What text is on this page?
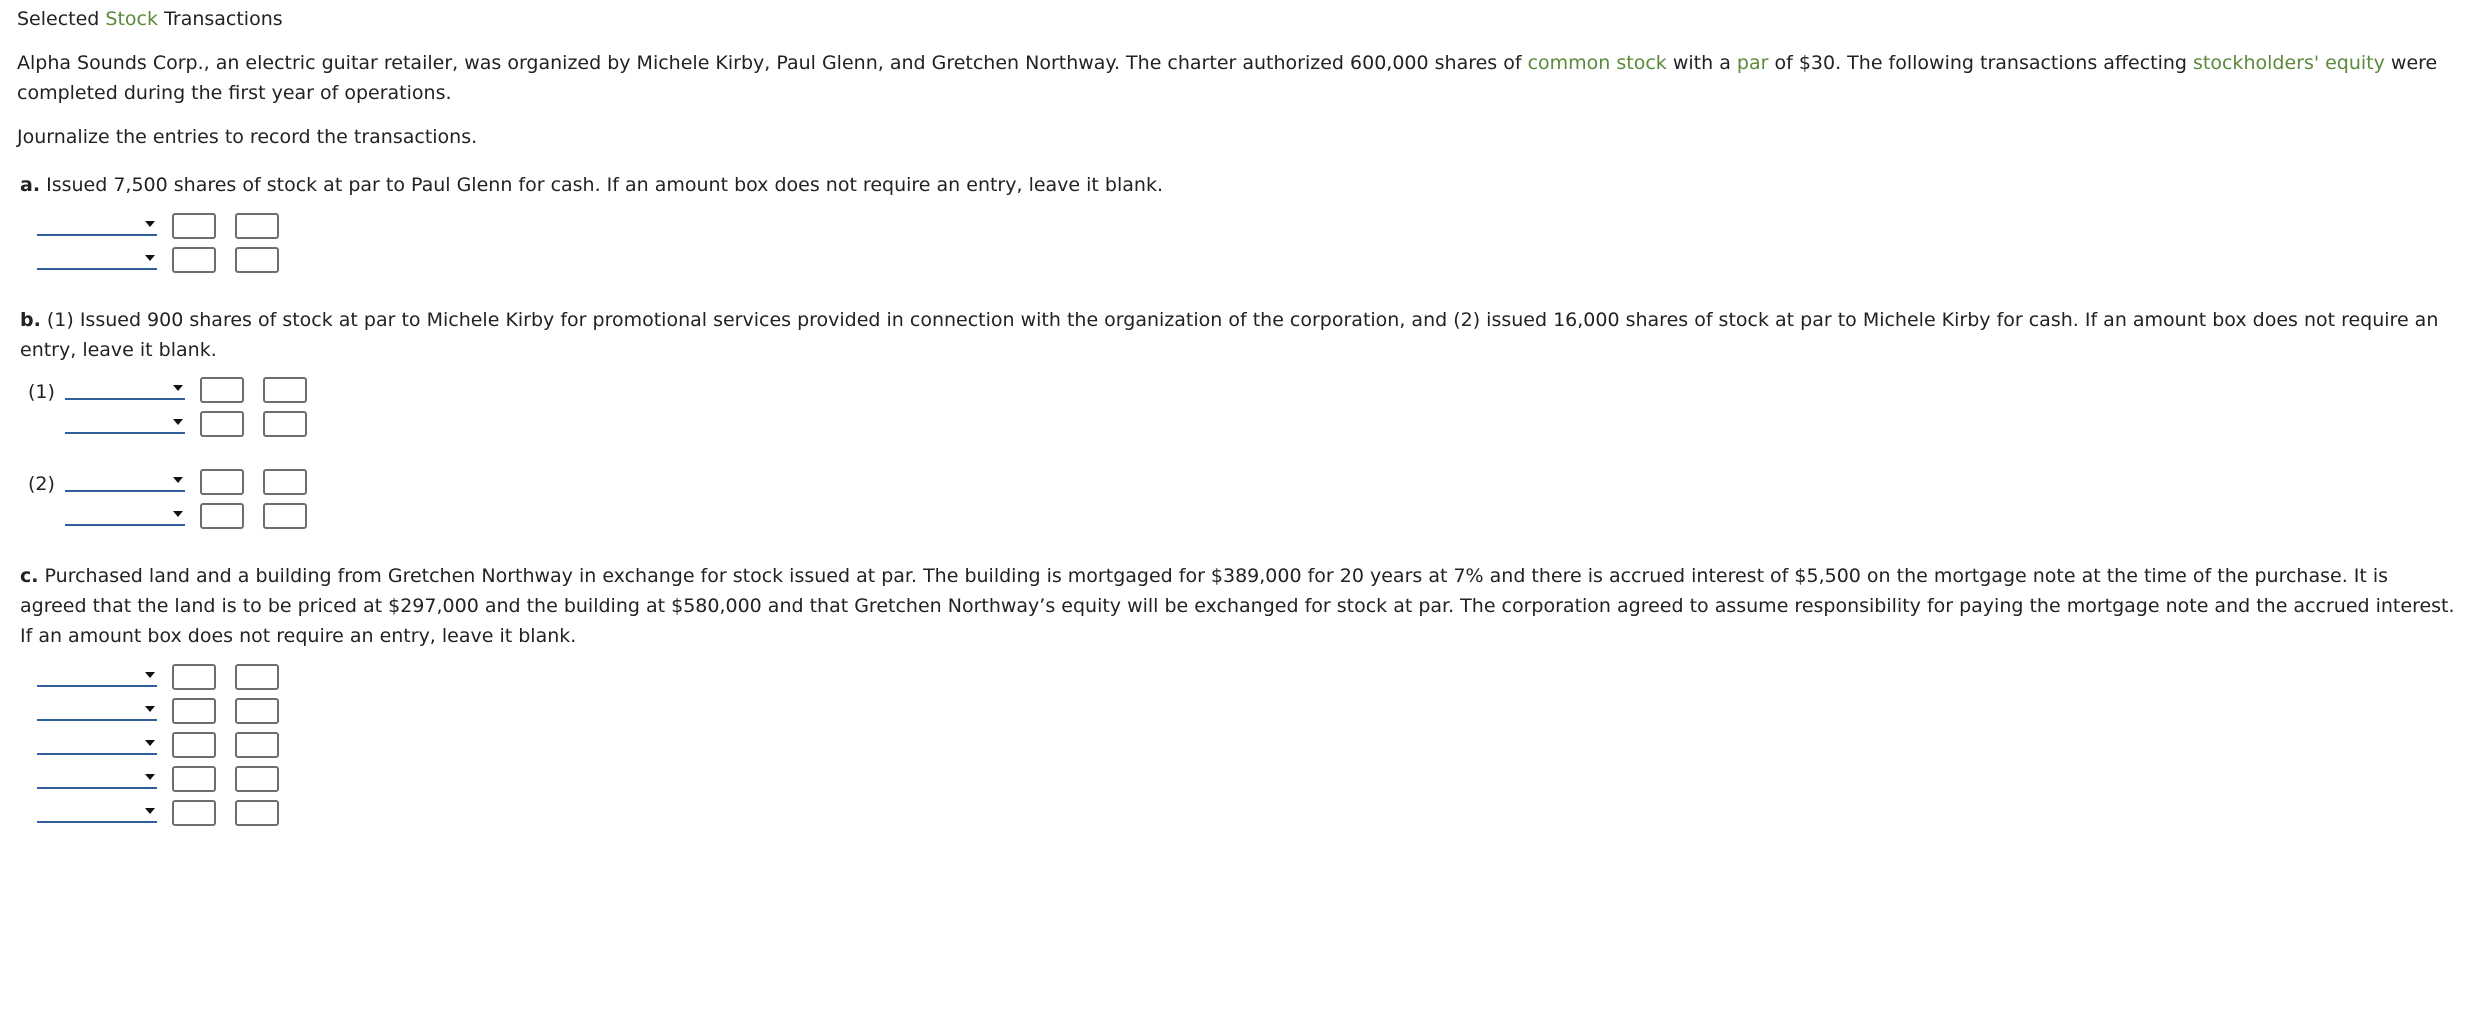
Selected Stock Transactions
Alpha Sounds Corp., an electric guitar retailer, was organized by Michele Kirby, Paul Glenn, and Gretchen Northway. The charter authorized 600,000 shares of common stock with a par of $30. The following transactions affecting stockholders' equity were completed during the first year of operations.
Journalize the entries to record the transactions.
a. Issued 7,500 shares of stock at par to Paul Glenn for cash. If an amount box does not require an entry, leave it blank.
b. (1) Issued 900 shares of stock at par to Michele Kirby for promotional services provided in connection with the organization of the corporation, and (2) issued 16,000 shares of stock at par to Michele Kirby for cash. If an amount box does not require an entry, leave it blank.
(1)
(2)
c. Purchased land and a building from Gretchen Northway in exchange for stock issued at par. The building is mortgaged for $389,000 for 20 years at 7% and there is accrued interest of $5,500 on the mortgage note at the time of the purchase. It is agreed that the land is to be priced at $297,000 and the building at $580,000 and that Gretchen Northway’s equity will be exchanged for stock at par. The corporation agreed to assume responsibility for paying the mortgage note and the accrued interest. If an amount box does not require an entry, leave it blank.
